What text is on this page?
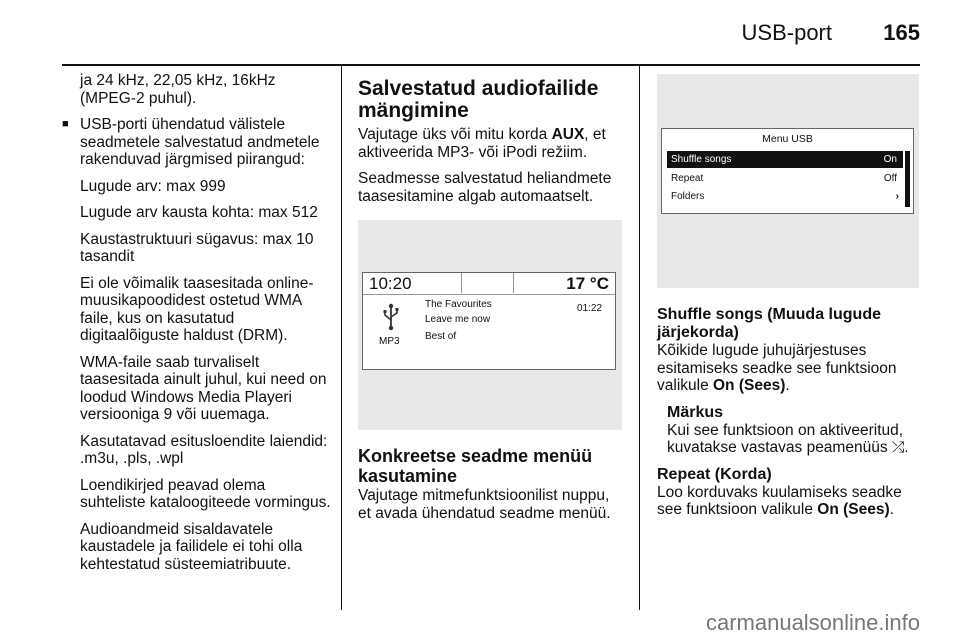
USB-port 165

ja 24 kHz, 22,05 kHz, 16kHz (MPEG-2 puhul).

■ USB-porti ühendatud välistele seadmetele salvestatud andmetele rakenduvad järgmised piirangud:

Lugude arv: max 999

Lugude arv kausta kohta: max 512

Kaustastruktuuri sügavus: max 10 tasandit

Ei ole võimalik taasesitada online-muusikapoodidest ostetud WMA faile, kus on kasutatud digitaalõiguste haldust (DRM).

WMA-faile saab turvaliselt taasesitada ainult juhul, kui need on loodud Windows Media Playeri versiooniga 9 või uuemaga.

Kasutatavad esitusloendite laiendid: .m3u, .pls, .wpl

Loendikirjed peavad olema suhteliste kataloogiteede vormingus.

Audioandmeid sisaldavatele kaustadele ja failidele ei tohi olla kehtestatud süsteemiatribuute.

Salvestatud audiofailide mängimine

Vajutage üks või mitu korda AUX, et aktiveerida MP3- või iPodi režiim.

Seadmesse salvestatud heliandmete taasesitamine algab automaatselt.

10:20	17 °C
MP3
The Favourites
Leave me now
Best of
01:22
Konkreetse seadme menüü kasutamine

Vajutage mitmefunktsioonilist nuppu, et avada ühendatud seadme menüü.

Menu USB
Shuffle songs	On
Repeat	Off
Folders	›
Shuffle songs (Muuda lugude järjekorda)

Kõikide lugude juhujärjestuses esitamiseks seadke see funktsioon valikule On (Sees).

Märkus
Kui see funktsioon on aktiveeritud, kuvatakse vastavas peamenüüs ⤮.
Repeat (Korda)

Loo korduvaks kuulamiseks seadke see funktsioon valikule On (Sees).

carmanualsonline.info
